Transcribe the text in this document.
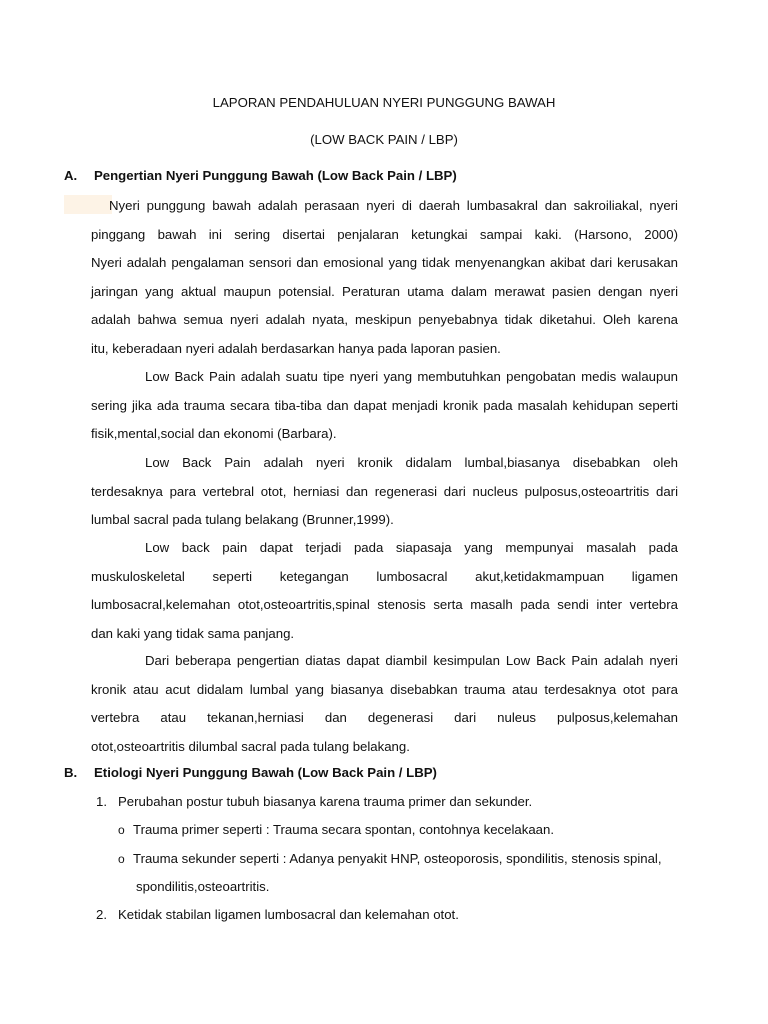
LAPORAN PENDAHULUAN NYERI PUNGGUNG BAWAH
(LOW BACK PAIN / LBP)
A. Pengertian Nyeri Punggung Bawah (Low Back Pain / LBP)
Nyeri punggung bawah adalah perasaan nyeri di daerah lumbasakral dan sakroiliakal, nyeri
pinggang bawah ini sering disertai penjalaran ketungkai sampai kaki. (Harsono, 2000)
Nyeri adalah pengalaman sensori dan emosional yang tidak menyenangkan akibat dari kerusakan
jaringan yang aktual maupun potensial. Peraturan utama dalam merawat pasien dengan nyeri
adalah bahwa semua nyeri adalah nyata, meskipun penyebabnya tidak diketahui. Oleh karena
itu, keberadaan nyeri adalah berdasarkan hanya pada laporan pasien.
Low Back Pain adalah suatu tipe nyeri yang membutuhkan pengobatan medis walaupun
sering jika ada trauma secara tiba-tiba dan dapat menjadi kronik pada masalah kehidupan seperti
fisik,mental,social dan ekonomi (Barbara).
Low Back Pain adalah nyeri kronik didalam lumbal,biasanya disebabkan oleh
terdesaknya para vertebral otot, herniasi dan regenerasi dari nucleus pulposus,osteoartritis dari
lumbal sacral pada tulang belakang (Brunner,1999).
Low back pain dapat terjadi pada siapasaja yang mempunyai masalah pada
muskuloskeletal seperti ketegangan lumbosacral akut,ketidakmampuan ligamen
lumbosacral,kelemahan otot,osteoartritis,spinal stenosis serta masalh pada sendi inter vertebra
dan kaki yang tidak sama panjang.
Dari beberapa pengertian diatas dapat diambil kesimpulan Low Back Pain adalah nyeri
kronik atau acut didalam lumbal yang biasanya disebabkan trauma atau terdesaknya otot para
vertebra atau tekanan,herniasi dan degenerasi dari nuleus pulposus,kelemahan
otot,osteoartritis dilumbal sacral pada tulang belakang.
B. Etiologi Nyeri Punggung Bawah (Low Back Pain / LBP)
1. Perubahan postur tubuh biasanya karena trauma primer dan sekunder.
o Trauma primer seperti : Trauma secara spontan, contohnya kecelakaan.
o Trauma sekunder seperti : Adanya penyakit HNP, osteoporosis, spondilitis, stenosis spinal,
spondilitis,osteoartritis.
2. Ketidak stabilan ligamen lumbosacral dan kelemahan otot.
